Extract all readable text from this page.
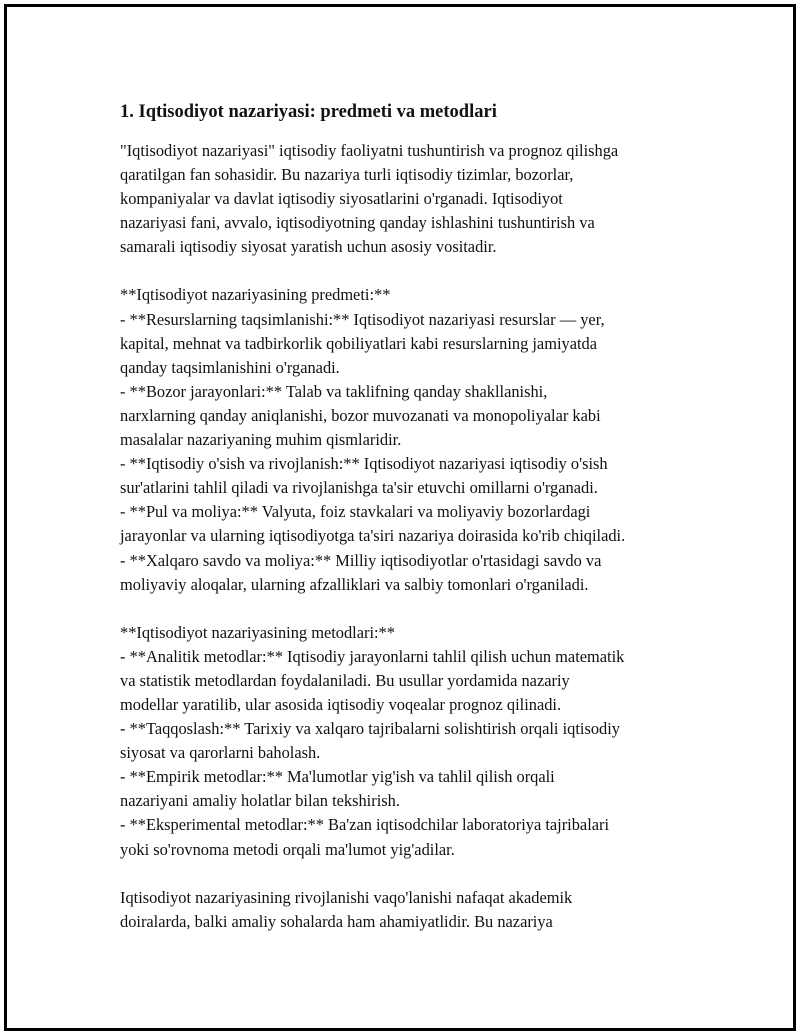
1. Iqtisodiyot nazariyasi: predmeti va metodlari
"Iqtisodiyot nazariyasi" iqtisodiy faoliyatni tushuntirish va prognoz qilishga
qaratilgan fan sohasidir. Bu nazariya turli iqtisodiy tizimlar, bozorlar,
kompaniyalar va davlat iqtisodiy siyosatlarini o'rganadi. Iqtisodiyot
nazariyasi fani, avvalo, iqtisodiyotning qanday ishlashini tushuntirish va
samarali iqtisodiy siyosat yaratish uchun asosiy vositadir.

**Iqtisodiyot nazariyasining predmeti:**

- **Resurslarning taqsimlanishi:** Iqtisodiyot nazariyasi resurslar — yer,
kapital, mehnat va tadbirkorlik qobiliyatlari kabi resurslarning jamiyatda
qanday taqsimlanishini o'rganadi.
- **Bozor jarayonlari:** Talab va taklifning qanday shakllanishi,
narxlarning qanday aniqlanishi, bozor muvozanati va monopoliyalar kabi
masalalar nazariyaning muhim qismlaridir.
- **Iqtisodiy o'sish va rivojlanish:** Iqtisodiyot nazariyasi iqtisodiy o'sish
sur'atlarini tahlil qiladi va rivojlanishga ta'sir etuvchi omillarni o'rganadi.
- **Pul va moliya:** Valyuta, foiz stavkalari va moliyaviy bozorlardagi
jarayonlar va ularning iqtisodiyotga ta'siri nazariya doirasida ko'rib chiqiladi.
- **Xalqaro savdo va moliya:** Milliy iqtisodiyotlar o'rtasidagi savdo va
moliyaviy aloqalar, ularning afzalliklari va salbiy tomonlari o'rganiladi.

**Iqtisodiyot nazariyasining metodlari:**

- **Analitik metodlar:** Iqtisodiy jarayonlarni tahlil qilish uchun matematik
va statistik metodlardan foydalaniladi. Bu usullar yordamida nazariy
modellar yaratilib, ular asosida iqtisodiy voqealar prognoz qilinadi.
- **Taqqoslash:** Tarixiy va xalqaro tajribalarni solishtirish orqali iqtisodiy
siyosat va qarorlarni baholash.
- **Empirik metodlar:** Ma'lumotlar yig'ish va tahlil qilish orqali
nazariyani amaliy holatlar bilan tekshirish.
- **Eksperimental metodlar:** Ba'zan iqtisodchilar laboratoriya tajribalari
yoki so'rovnoma metodi orqali ma'lumot yig'adilar.
Iqtisodiyot nazariyasining rivojlanishi vaqo'lanishi nafaqat akademik
doiralarda, balki amaliy sohalarda ham ahamiyatlidir. Bu nazariya
